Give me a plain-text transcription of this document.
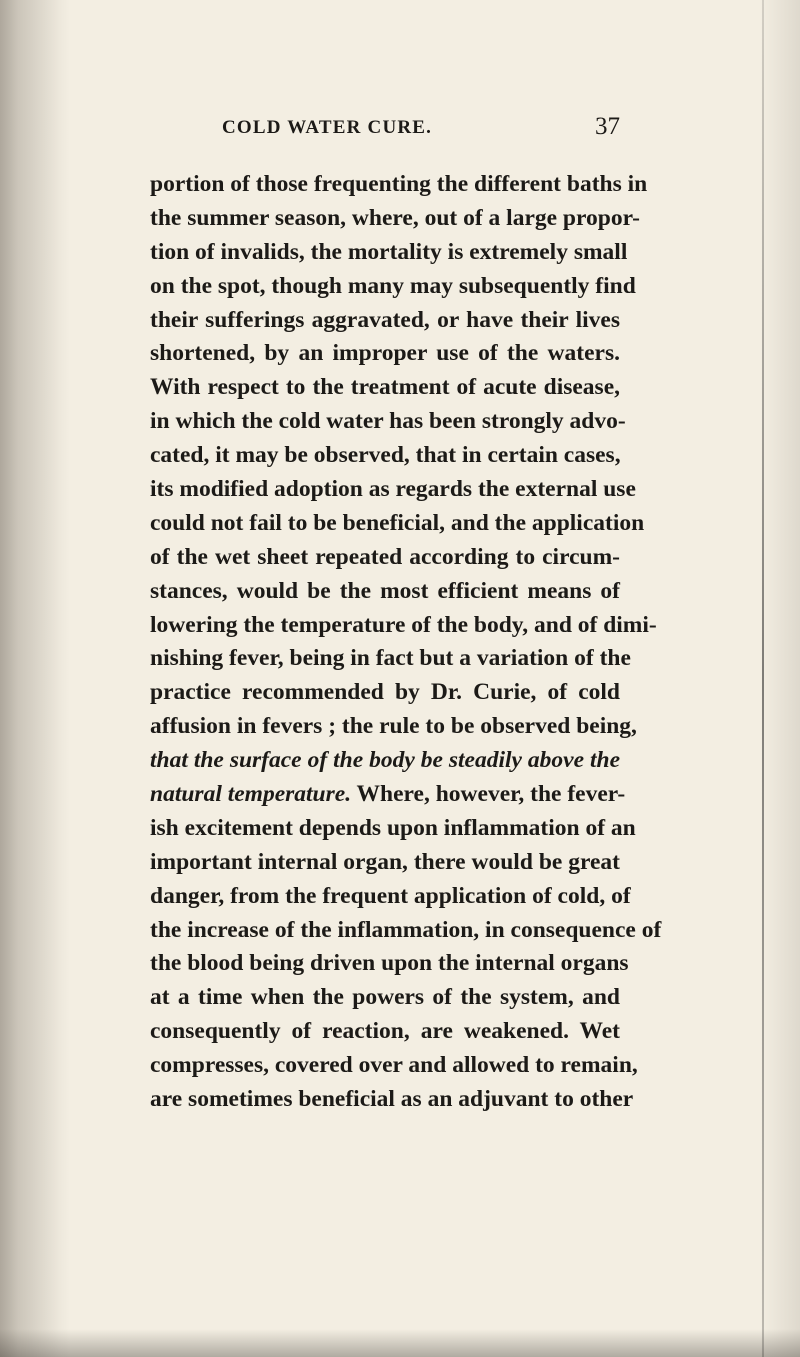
COLD WATER CURE.	37
portion of those frequenting the different baths in
the summer season, where, out of a large propor-
tion of invalids, the mortality is extremely small
on the spot, though many may subsequently find
their sufferings aggravated, or have their lives
shortened, by an improper use of the waters.
With respect to the treatment of acute disease,
in which the cold water has been strongly advo-
cated, it may be observed, that in certain cases,
its modified adoption as regards the external use
could not fail to be beneficial, and the application
of the wet sheet repeated according to circum-
stances, would be the most efficient means of
lowering the temperature of the body, and of dimi-
nishing fever, being in fact but a variation of the
practice recommended by Dr. Curie, of cold
affusion in fevers ; the rule to be observed being,
that the surface of the body be steadily above the
natural temperature. Where, however, the fever-
ish excitement depends upon inflammation of an
important internal organ, there would be great
danger, from the frequent application of cold, of
the increase of the inflammation, in consequence of
the blood being driven upon the internal organs
at a time when the powers of the system, and
consequently of reaction, are weakened. Wet
compresses, covered over and allowed to remain,
are sometimes beneficial as an adjuvant to other
